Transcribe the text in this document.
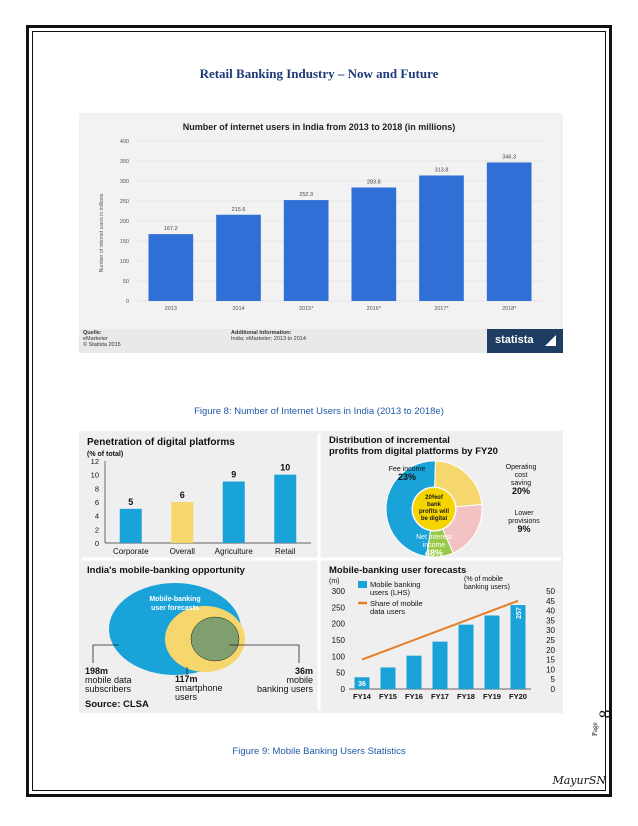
Retail Banking Industry – Now and Future
Number of internet users in India from 2013 to 2018 (in millions)
Number of internet users in millions
0
50
100
150
200
250
300
350
400
167.2
2013
215.6
2014
252.3
2015*
283.8
2016*
313.8
2017*
346.3
2018*
Quelle:
eMarketer
© Statista 2015
Additional Information:
India; eMarketer; 2013 to 2014	statista
Figure 8: Number of Internet Users in India (2013 to 2018e)
Penetration of digital platforms
(% of total)
0
2
4
6
8
10
12
5
Corporate
6
Overall
9
Agriculture
10
Retail
Distribution of incremental profits from digital platforms by FY20
20%of
bank
profits will
be digital
Net interest
income
48%
Fee income
23%
Operating
cost
saving
20%
Lower
provisions
9%
India's mobile-banking opportunity
Mobile-banking
user forecasts
198m
mobile data
subscribers
117m
smartphone
users
36m
mobile
banking users
Source: CLSA
Mobile-banking user forecasts
(m)
0
50
100
150
200
250
300
0
5
10
15
20
25
30
35
40
45
50
FY14 FY15 FY16 FY17 FY18 FY19 FY20
36
257
Mobile banking
users (LHS)
Share of mobile
data users
(% of mobile
banking users)
Figure 9: Mobile Banking Users Statistics
Page
8
MayurSN
